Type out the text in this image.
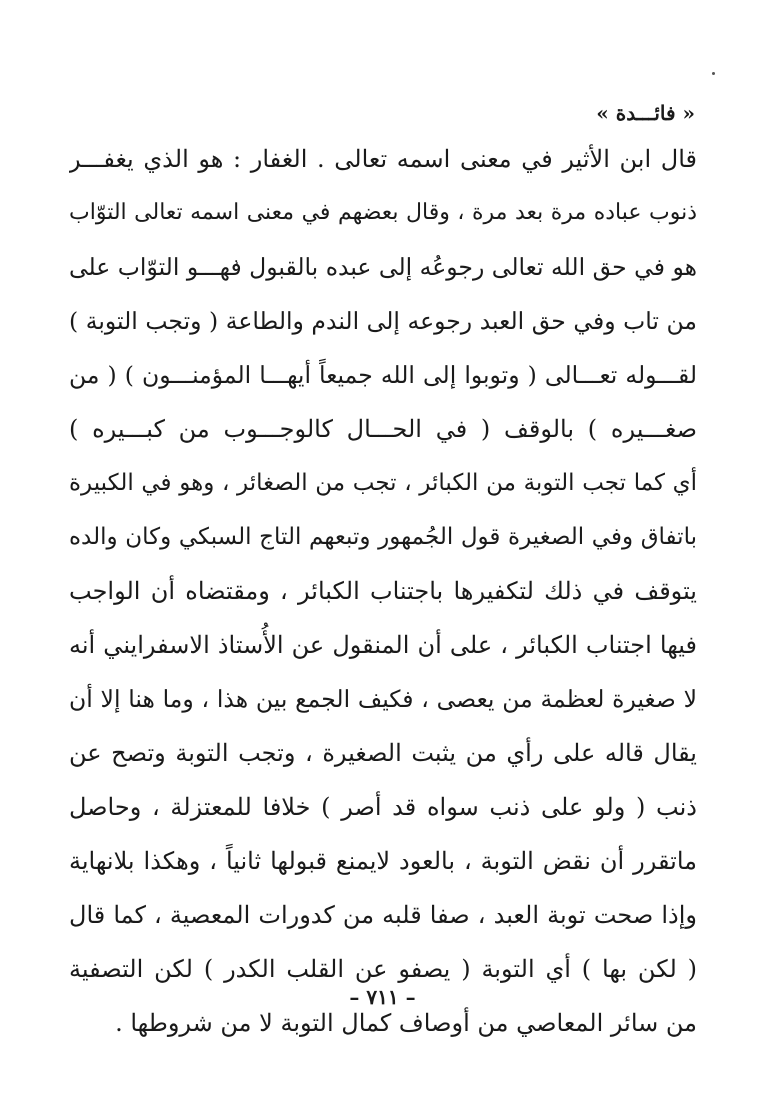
« فائـــدة »
قال ابن الأثير في معنى اسمه تعالى . الغفار : هو الذي يغفـــر
ذنوب عباده مرة بعد مرة ، وقال بعضهم في معنى اسمه تعالى التوّاب
هو في حق الله تعالى رجوعُه إلى عبده بالقبول فهـــو التوّاب على
من تاب وفي حق العبد رجوعه إلى الندم والطاعة ( وتجب التوبة )
لقـــوله تعـــالى ( وتوبوا إلى الله جميعاً أيهـــا المؤمنـــون ) ( من
صغـــيره ) بالوقف ( في الحـــال كالوجـــوب من كبـــيره )
أي كما تجب التوبة من الكبائر ، تجب من الصغائر ، وهو في الكبيرة
باتفاق وفي الصغيرة قول الجُمهور وتبعهم التاج السبكي وكان والده
يتوقف في ذلك لتكفيرها باجتناب الكبائر ، ومقتضاه أن الواجب
فيها اجتناب الكبائر ، على أن المنقول عن الأُستاذ الاسفرايني أنه
لا صغيرة لعظمة من يعصى ، فكيف الجمع بين هذا ، وما هنا إلا أن
يقال قاله على رأي من يثبت الصغيرة ، وتجب التوبة وتصح عن
ذنب ( ولو على ذنب سواه قد أصر ) خلافا للمعتزلة ، وحاصل
ماتقرر أن نقض التوبة ، بالعود لايمنع قبولها ثانياً ، وهكذا بلانهاية
وإذا صحت توبة العبد ، صفا قلبه من كدورات المعصية ، كما قال
( لكن بها ) أي التوبة ( يصفو عن القلب الكدر ) لكن التصفية
من سائر المعاصي من أوصاف كمال التوبة لا من شروطها .
– ٧١١ –
